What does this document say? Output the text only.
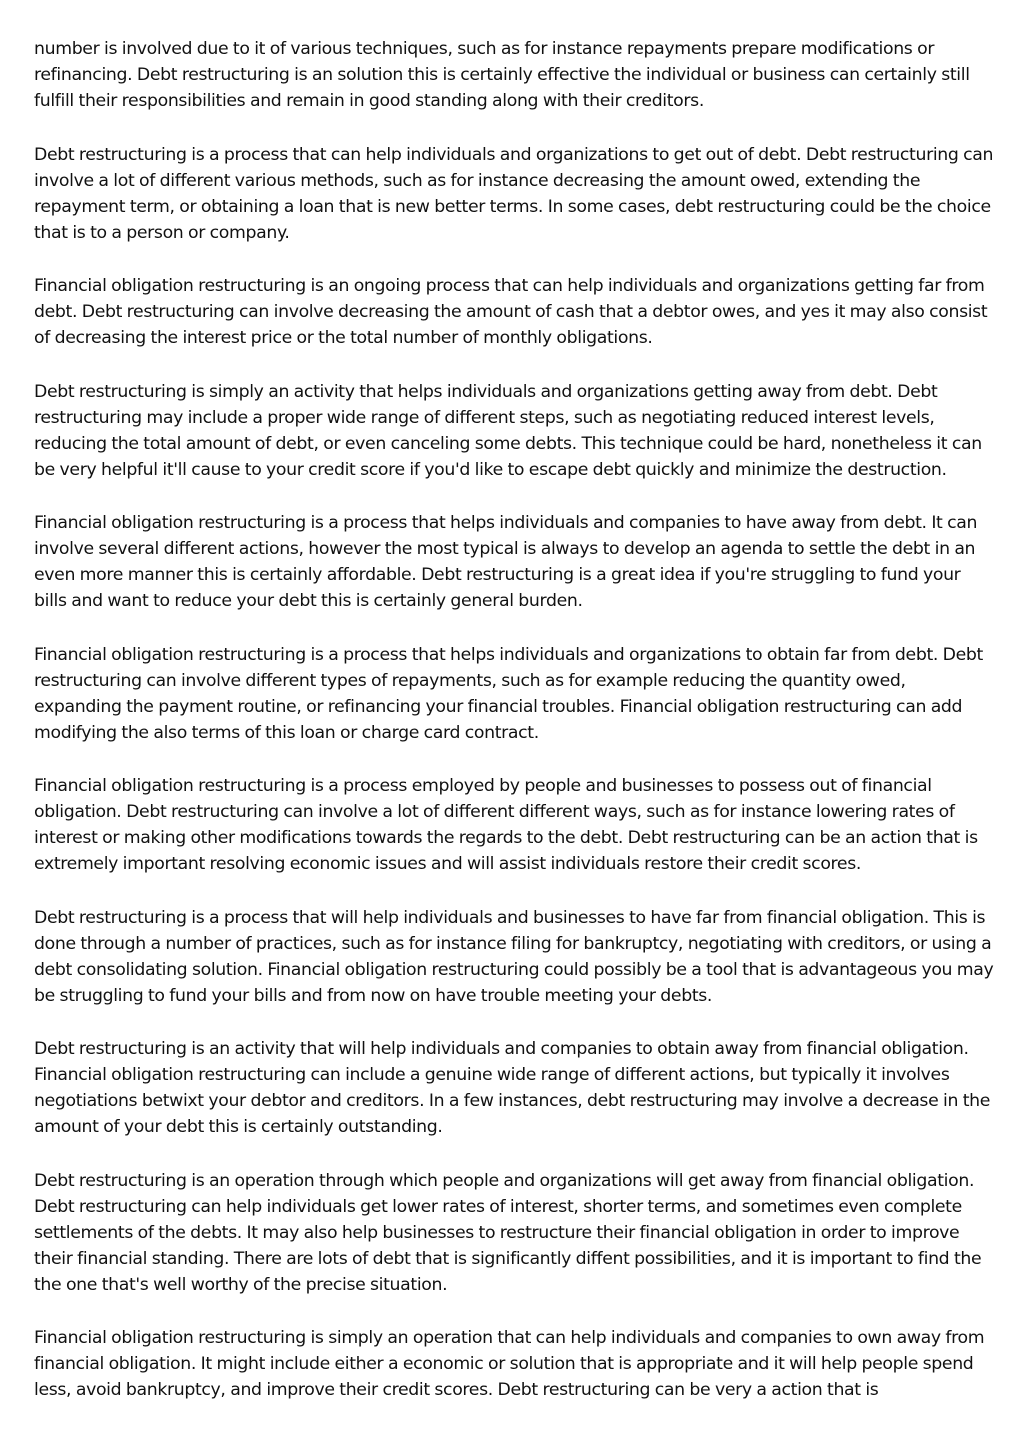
number is involved due to it of various techniques, such as for instance repayments prepare modifications or refinancing. Debt restructuring is an solution this is certainly effective the individual or business can certainly still fulfill their responsibilities and remain in good standing along with their creditors.

Debt restructuring is a process that can help individuals and organizations to get out of debt. Debt restructuring can involve a lot of different various methods, such as for instance decreasing the amount owed, extending the repayment term, or obtaining a loan that is new better terms. In some cases, debt restructuring could be the choice that is to a person or company.

Financial obligation restructuring is an ongoing process that can help individuals and organizations getting far from debt. Debt restructuring can involve decreasing the amount of cash that a debtor owes, and yes it may also consist of decreasing the interest price or the total number of monthly obligations.

Debt restructuring is simply an activity that helps individuals and organizations getting away from debt. Debt restructuring may include a proper wide range of different steps, such as negotiating reduced interest levels, reducing the total amount of debt, or even canceling some debts. This technique could be hard, nonetheless it can be very helpful it'll cause to your credit score if you'd like to escape debt quickly and minimize the destruction.

Financial obligation restructuring is a process that helps individuals and companies to have away from debt. It can involve several different actions, however the most typical is always to develop an agenda to settle the debt in an even more manner this is certainly affordable. Debt restructuring is a great idea if you're struggling to fund your bills and want to reduce your debt this is certainly general burden.

Financial obligation restructuring is a process that helps individuals and organizations to obtain far from debt. Debt restructuring can involve different types of repayments, such as for example reducing the quantity owed, expanding the payment routine, or refinancing your financial troubles. Financial obligation restructuring can add modifying the also terms of this loan or charge card contract.

Financial obligation restructuring is a process employed by people and businesses to possess out of financial obligation. Debt restructuring can involve a lot of different different ways, such as for instance lowering rates of interest or making other modifications towards the regards to the debt. Debt restructuring can be an action that is extremely important resolving economic issues and will assist individuals restore their credit scores.

Debt restructuring is a process that will help individuals and businesses to have far from financial obligation. This is done through a number of practices, such as for instance filing for bankruptcy, negotiating with creditors, or using a debt consolidating solution. Financial obligation restructuring could possibly be a tool that is advantageous you may be struggling to fund your bills and from now on have trouble meeting your debts.

Debt restructuring is an activity that will help individuals and companies to obtain away from financial obligation. Financial obligation restructuring can include a genuine wide range of different actions, but typically it involves negotiations betwixt your debtor and creditors. In a few instances, debt restructuring may involve a decrease in the amount of your debt this is certainly outstanding.

Debt restructuring is an operation through which people and organizations will get away from financial obligation. Debt restructuring can help individuals get lower rates of interest, shorter terms, and sometimes even complete settlements of the debts. It may also help businesses to restructure their financial obligation in order to improve their financial standing. There are lots of debt that is significantly diffent possibilities, and it is important to find the the one that's well worthy of the precise situation.

Financial obligation restructuring is simply an operation that can help individuals and companies to own away from financial obligation. It might include either a economic or solution that is appropriate and it will help people spend less, avoid bankruptcy, and improve their credit scores. Debt restructuring can be very a action that is
